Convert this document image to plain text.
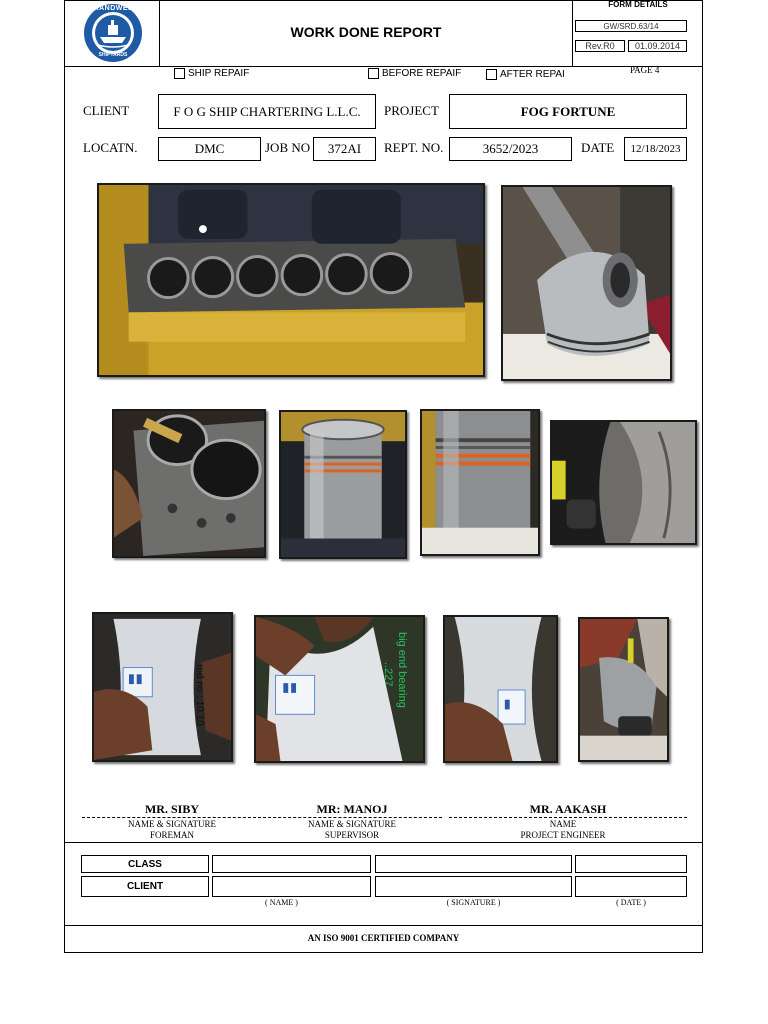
GRANDWELD
SHIPYARDS
WORK DONE REPORT
FORM DETAILS
GW/SRD.63/14
Rev.R0	01.09.2014
PAGE 4
SHIP REPAIF	BEFORE REPAIF	AFTER REPAI
CLIENT	F O G SHIP CHARTERING L.L.C.	PROJECT	FOG FORTUNE
LOCATN.	DMC	JOB NO	372AI	REPT. NO.	3652/2023	DATE	12/18/2023
rod no : 10.10	big end bearing
..227
MR. SIBY	MR: MANOJ	MR. AAKASH
NAME & SIGNATURE	NAME & SIGNATURE	NAME
FOREMAN	SUPERVISOR	PROJECT ENGINEER
CLASS
CLIENT
( NAME )	( SIGNATURE )	( DATE )
AN ISO 9001 CERTIFIED COMPANY
